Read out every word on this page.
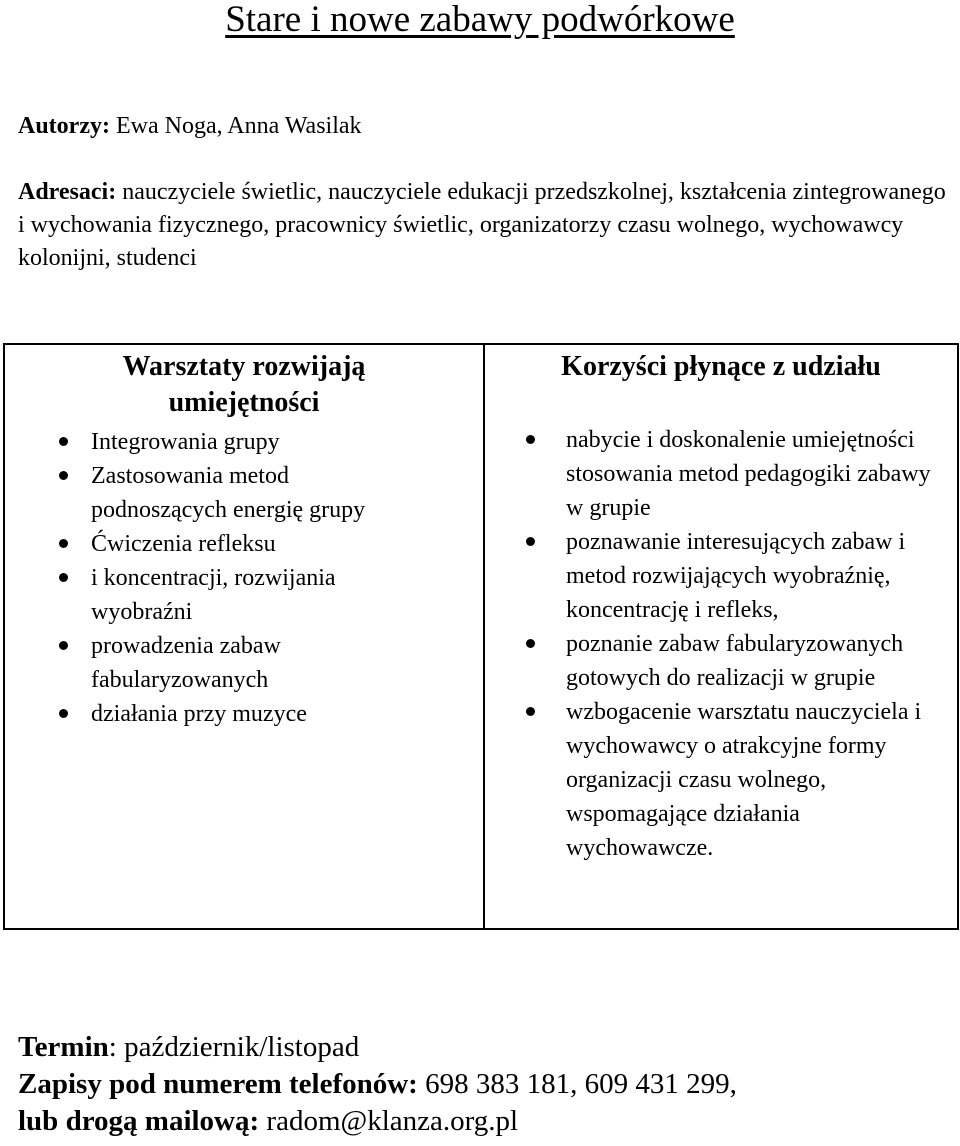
Stare i nowe zabawy podwórkowe

Autorzy: Ewa Noga, Anna Wasilak

Adresaci: nauczyciele świetlic, nauczyciele edukacji przedszkolnej, kształcenia zintegrowanego i wychowania fizycznego, pracownicy świetlic, organizatorzy czasu wolnego, wychowawcy kolonijni, studenci

Warsztaty rozwijają umiejętności
Integrowania grupy
Zastosowania metod podnoszących energię grupy
Ćwiczenia refleksu
i koncentracji, rozwijania wyobraźni
prowadzenia zabaw fabularyzowanych
działania przy muzyce

Korzyści płynące z udziału
nabycie i doskonalenie umiejętności stosowania metod pedagogiki zabawy w grupie
poznawanie interesujących zabaw i metod rozwijających wyobraźnię, koncentrację i refleks,
poznanie zabaw fabularyzowanych gotowych do realizacji w grupie
wzbogacenie warsztatu nauczyciela i wychowawcy o atrakcyjne formy organizacji czasu wolnego, wspomagające działania wychowawcze.

Termin: październik/listopad

Zapisy pod numerem telefonów: 698 383 181, 609 431 299,

lub drogą mailową: radom@klanza.org.pl
